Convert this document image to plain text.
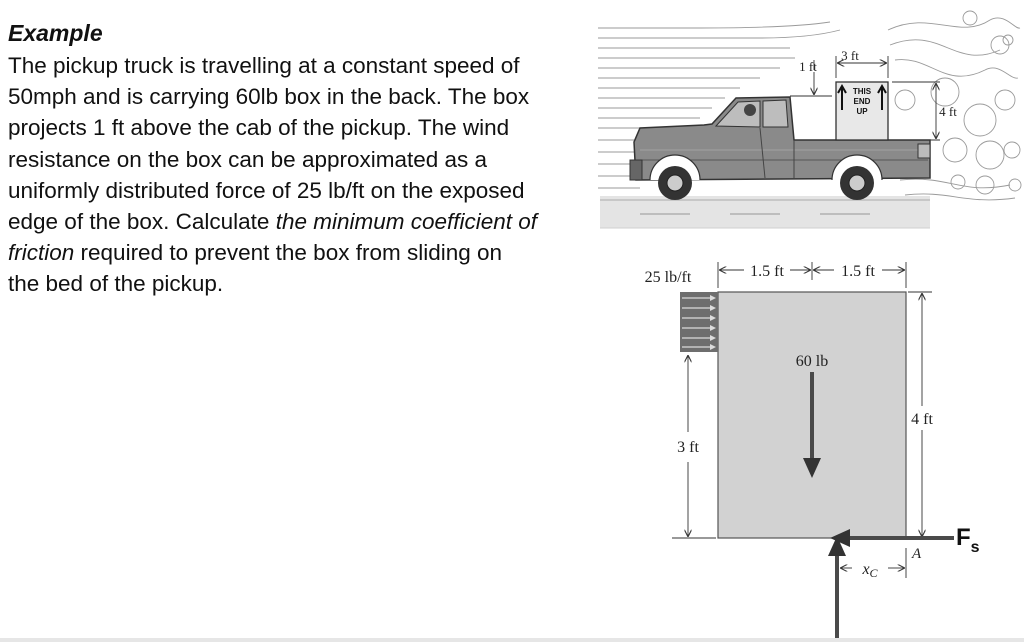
Example

The pickup truck is travelling at a constant speed of

50mph and is carrying 60lb box in the back. The box

projects 1 ft above the cab of the pickup. The wind

resistance on the box can be approximated as a

uniformly distributed force of 25 lb/ft on the exposed

edge of the box. Calculate the minimum coefficient of

friction required to prevent the box from sliding on

the bed of the pickup.

THIS
END
UP
3 ft
1 ft
4 ft
25 lb/ft	1.5 ft	1.5 ft
60 lb
3 ft
4 ft
$F_s$
xC
A
